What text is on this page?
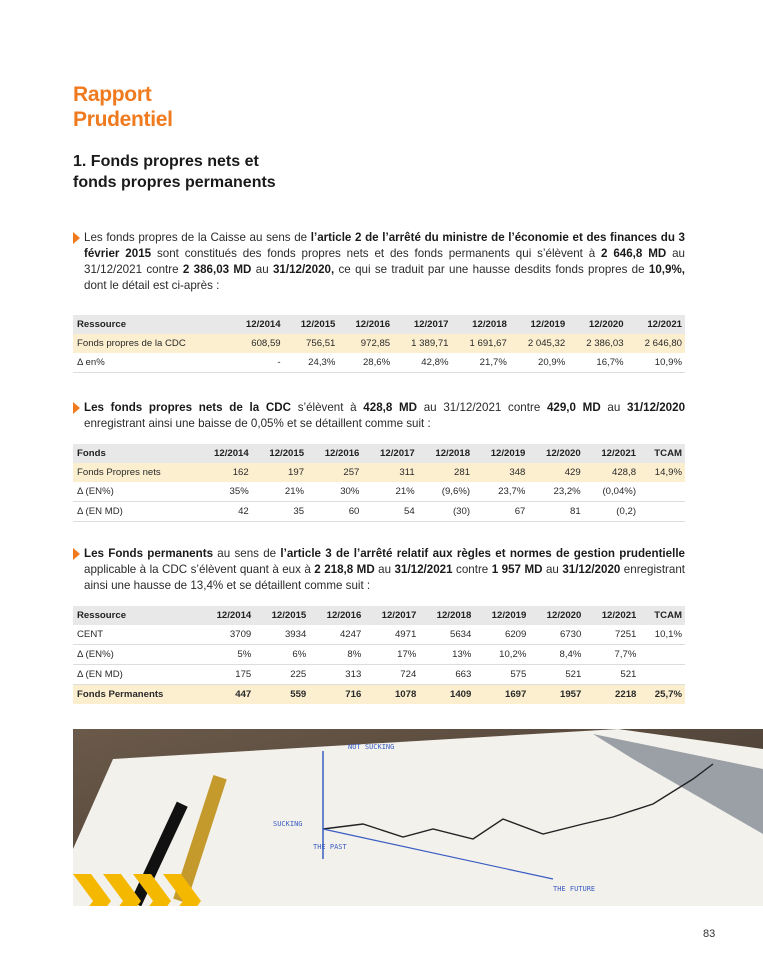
Rapport
Prudentiel
1. Fonds propres nets et
fonds propres permanents
Les fonds propres de la Caisse au sens de l’article 2 de l’arrêté du ministre de l’économie et des finances du 3 février 2015 sont constitués des fonds propres nets et des fonds permanents qui s’élèvent à 2 646,8 MD au 31/12/2021 contre 2 386,03 MD au 31/12/2020, ce qui se traduit par une hausse desdits fonds propres de 10,9%, dont le détail est ci-après :
Ressource	12/2014	12/2015	12/2016	12/2017	12/2018	12/2019	12/2020	12/2021
Fonds propres de la CDC	608,59	756,51	972,85	1 389,71	1 691,67	2 045,32	2 386,03	2 646,80
Δ en%	-	24,3%	28,6%	42,8%	21,7%	20,9%	16,7%	10,9%
Les fonds propres nets de la CDC s’élèvent à 428,8 MD au 31/12/2021 contre 429,0 MD au 31/12/2020 enregistrant ainsi une baisse de 0,05% et se détaillent comme suit :
Fonds	12/2014	12/2015	12/2016	12/2017	12/2018	12/2019	12/2020	12/2021	TCAM
Fonds Propres nets	162	197	257	311	281	348	429	428,8	14,9%
Δ (EN%)	35%	21%	30%	21%	(9,6%)	23,7%	23,2%	(0,04%)	
Δ (EN MD)	42	35	60	54	(30)	67	81	(0,2)	
Les Fonds permanents au sens de l’article 3 de l’arrêté relatif aux règles et normes de gestion prudentielle applicable à la CDC s’élèvent quant à eux à 2 218,8 MD au 31/12/2021 contre 1 957 MD au 31/12/2020 enregistrant ainsi une hausse de 13,4% et se détaillent comme suit :
Ressource	12/2014	12/2015	12/2016	12/2017	12/2018	12/2019	12/2020	12/2021	TCAM
CENT	3709	3934	4247	4971	5634	6209	6730	7251	10,1%
Δ (EN%)	5%	6%	8%	17%	13%	10,2%	8,4%	7,7%	
Δ (EN MD)	175	225	313	724	663	575	521	521	
Fonds Permanents	447	559	716	1078	1409	1697	1957	2218	25,7%
NOT SUCKING
SUCKING
THE PAST
THE FUTURE
83
